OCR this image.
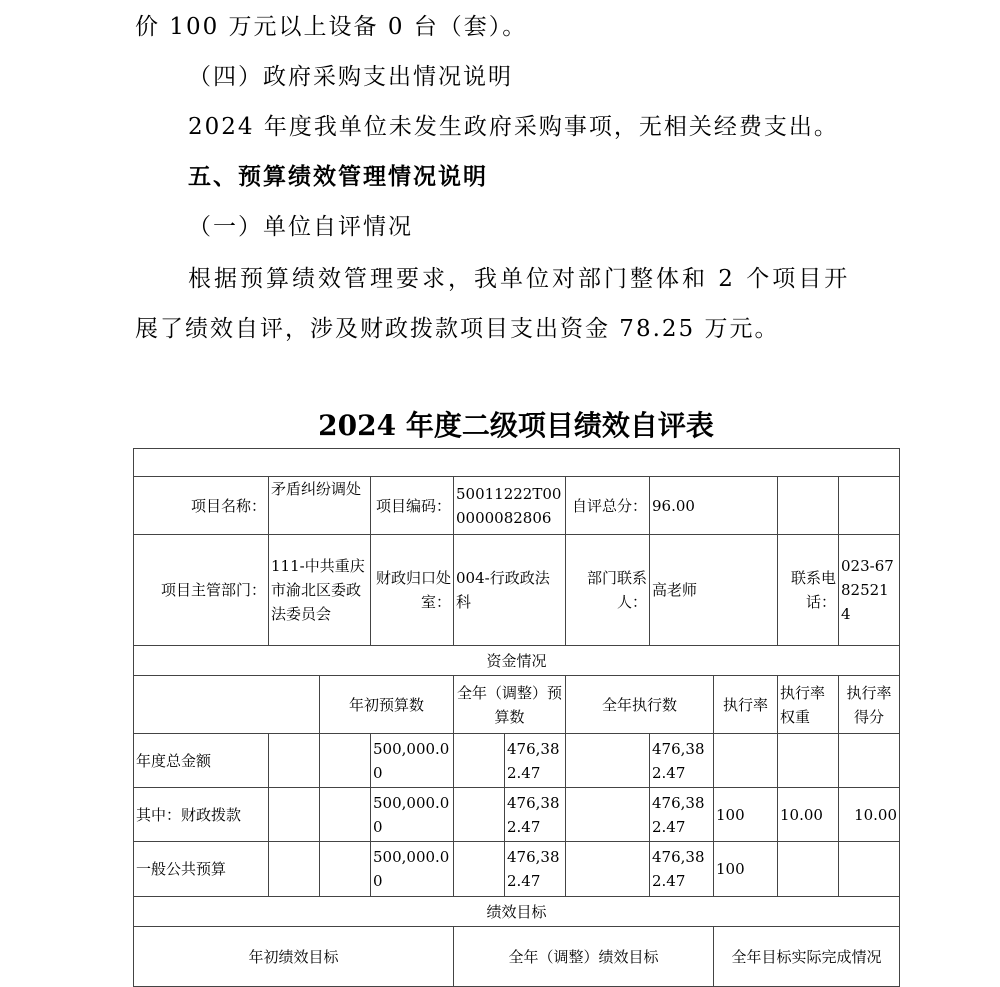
价 100 万元以上设备 0 台（套）。
（四）政府采购支出情况说明
2024 年度我单位未发生政府采购事项，无相关经费支出。
五、预算绩效管理情况说明
（一）单位自评情况
根据预算绩效管理要求，我单位对部门整体和 2 个项目开
展了绩效自评，涉及财政拨款项目支出资金 78.25 万元。
2024 年度二级项目绩效自评表

项目名称：	矛盾纠纷调处		项目编码：	50011222T000000082806		自评总分：	96.00			
项目主管部门：	111-中共重庆市渝北区委政法委员会		财政归口处室：	004-行政政法科		部门联系人：	高老师		联系电话：	023-67825214
资金情况										
		年初预算数		全年（调整）预算数		全年执行数		执行率	执行率权重	执行率得分
年度总金额			500,000.00		476,382.47		476,382.47			
其中：财政拨款			500,000.00		476,382.47		476,382.47	100	10.00	10.00
一般公共预算			500,000.00		476,382.47		476,382.47	100		
绩效目标										
年初绩效目标				全年（调整）绩效目标				全年目标实际完成情况		
